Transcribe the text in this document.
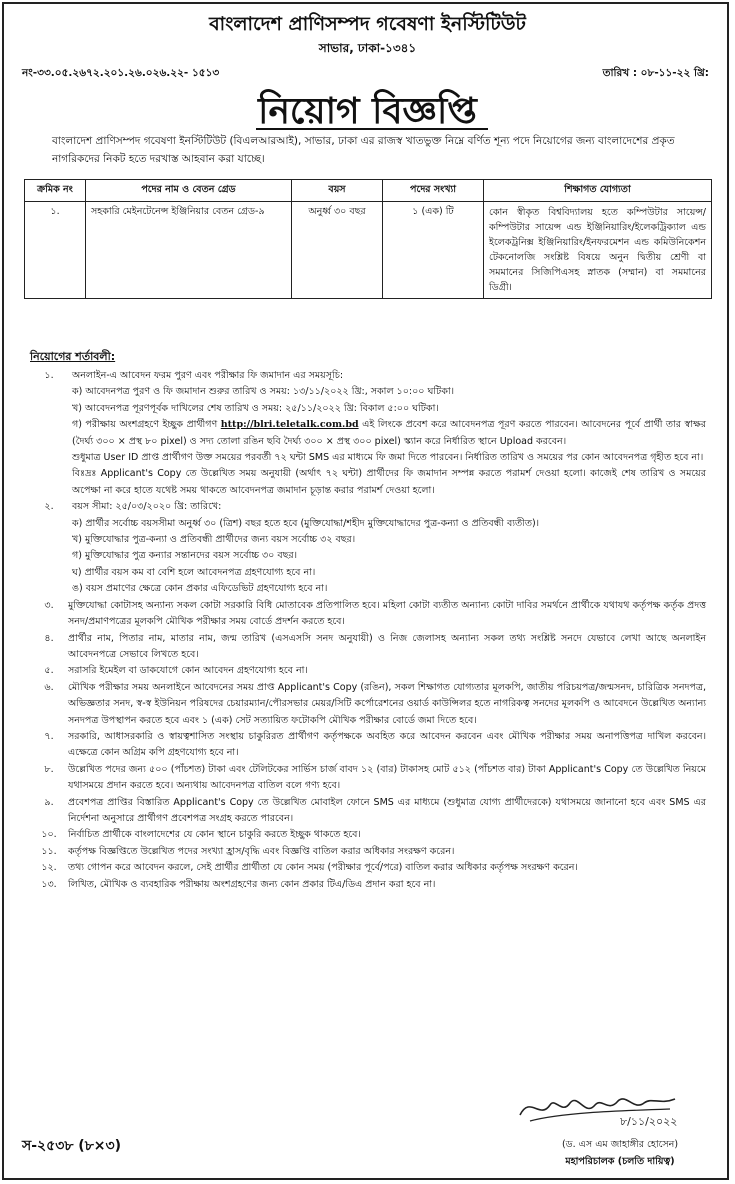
বাংলাদেশ প্রাণিসম্পদ গবেষণা ইনস্টিটিউট
সাভার, ঢাকা-১৩৪১
নং-৩৩.০৫.২৬৭২.২০১.২৬.০২৬.২২- ১৫১৩	তারিখ : ০৮-১১-২২ খ্রি:
নিয়োগ বিজ্ঞপ্তি
বাংলাদেশ প্রাণিসম্পদ গবেষণা ইনস্টিটিউট (বিএলআরআই), সাভার, ঢাকা এর রাজস্ব খাতভুক্ত নিম্নে বর্ণিত শূন্য পদে নিয়োগের জন্য বাংলাদেশের প্রকৃত নাগরিকদের নিকট হতে দরখাস্ত আহবান করা যাচ্ছে।
ক্রমিক নং	পদের নাম ও বেতন গ্রেড	বয়স	পদের সংখ্যা	শিক্ষাগত যোগ্যতা
১.	সহকারি মেইনটেনেন্স ইঞ্জিনিয়ার বেতন গ্রেড-৯	অনুর্ধ্ব ৩০ বছর	১ (এক) টি	কোন স্বীকৃত বিশ্ববিদ্যালয় হতে কম্পিউটার সায়েন্স/কম্পিউটার সায়েন্স এন্ড ইঞ্জিনিয়ারিং/ইলেকট্রিক্যাল এন্ড ইলেকট্রনিক্স ইঞ্জিনিয়ারিং/ইনফরমেশন এন্ড কমিউনিকেশন টেকনোলজি সংশ্লিষ্ট বিষয়ে অনুন দ্বিতীয় শ্রেণী বা সমমানের সিজিপিএসহ স্নাতক (সম্মান) বা সমমানের ডিগ্রী।
নিয়োগের শর্তাবলী:
১.	অনলাইন-এ আবেদন ফরম পুরণ এবং পরীক্ষার ফি জমাদান এর সময়সূচি:
ক) আবেদনপত্র পুরণ ও ফি জমাদান শুরুর তারিখ ও সময়: ১৩/১১/২০২২ খ্রি:, সকাল ১০:০০ ঘটিকা।
খ) আবেদনপত্র পূরণপূর্বক দাখিলের শেষ তারিখ ও সময়: ২৫/১১/২০২২ খ্রি: বিকাল ৫:০০ ঘটিকা।
গ) পরীক্ষায় অংশগ্রহণে ইচ্ছুক প্রার্থীগণ http://blri.teletalk.com.bd এই লিংকে প্রবেশ করে আবেদনপত্র পূরণ করতে পারবেন। আবেদনের পূর্বে প্রার্থী তার স্বাক্ষর (দৈর্ঘ্য ৩০০ × প্রস্থ ৮০ pixel) ও সদ্য তোলা রঙিন ছবি দৈর্ঘ্য ৩০০ × প্রস্থ ৩০০ pixel) স্ক্যান করে নির্ধারিত স্থানে Upload করবেন।
শুধুমাত্র User ID প্রাপ্ত প্রার্থীগণ উক্ত সময়ের পরবর্তী ৭২ ঘন্টা SMS এর মাধ্যমে ফি জমা দিতে পারবেন। নির্ধারিত তারিখ ও সময়ের পর কোন আবেদনপত্র গৃহীত হবে না।
বিঃদ্রঃ Applicant's Copy তে উল্লেখিত সময় অনুযায়ী (অর্থাৎ ৭২ ঘন্টা) প্রার্থীদের ফি জমাদান সম্পন্ন করতে পরামর্শ দেওয়া হলো। কাজেই শেষ তারিখ ও সময়ের অপেক্ষা না করে হাতে যথেষ্ট সময় থাকতে আবেদনপত্র জমাদান চূড়ান্ত করার পরামর্শ দেওয়া হলো।
২.	বয়স সীমা: ২৫/০৩/২০২০ খ্রি: তারিখে:
ক) প্রার্থীর সর্বোচ্চ বয়সসীমা অনুর্ধ্ব ৩০ (ত্রিশ) বছর হতে হবে (মুক্তিযোদ্ধা/শহীদ মুক্তিযোদ্ধাদের পুত্র-কন্যা ও প্রতিবন্ধী ব্যতীত)।
খ) মুক্তিযোদ্ধার পুত্র-কন্যা ও প্রতিবন্ধী প্রার্থীদের জন্য বয়স সর্বোচ্চ ৩২ বছর।
গ) মুক্তিযোদ্ধার পুত্র কন্যার সন্তানদের বয়স সর্বোচ্চ ৩০ বছর।
ঘ) প্রার্থীর বয়স কম বা বেশি হলে আবেদনপত্র গ্রহণযোগ্য হবে না।
ঙ) বয়স প্রমাণের ক্ষেত্রে কোন প্রকার এফিডেভিট গ্রহণযোগ্য হবে না।
৩.	মুক্তিযোদ্ধা কোটাসহ অন্যান্য সকল কোটা সরকারি বিধি মোতাবেক প্রতিপালিত হবে। মহিলা কোটা ব্যতীত অন্যান্য কোটা দাবির সমর্থনে প্রার্থীকে যথাযথ কর্তৃপক্ষ কর্তৃক প্রদত্ত সনদ/প্রমাণপত্রের মূলকপি মৌখিক পরীক্ষার সময় বোর্ডে প্রদর্শন করতে হবে।
৪.	প্রার্থীর নাম, পিতার নাম, মাতার নাম, জন্ম তারিখ (এসএসসি সনদ অনুযায়ী) ও নিজ জেলাসহ অন্যান্য সকল তথ্য সংশ্লিষ্ট সনদে যেভাবে লেখা আছে অনলাইন আবেদনপত্রে সেভাবে লিখতে হবে।
৫.	সরাসরি ইমেইল বা ডাকযোগে কোন আবেদন গ্রহণযোগ্য হবে না।
৬.	মৌখিক পরীক্ষার সময় অনলাইনে আবেদনের সময় প্রাপ্ত Applicant's Copy (রঙিন), সকল শিক্ষাগত যোগ্যতার মূলকপি, জাতীয় পরিচয়পত্র/জন্মসনদ, চারিত্রিক সনদপত্র, অভিজ্ঞতার সনদ, স্ব-স্ব ইউনিয়ন পরিষদের চেয়ারম্যান/পৌরসভার মেয়র/সিটি কর্পোরেশনের ওয়ার্ড কাউন্সিলর হতে নাগরিকত্ব সনদের মূলকপি ও আবেদনে উল্লেখিত অন্যান্য সনদপত্র উপস্থাপন করতে হবে এবং ১ (এক) সেট সত্যায়িত ফটোকপি মৌখিক পরীক্ষার বোর্ডে জমা দিতে হবে।
৭.	সরকারি, আধাসরকারি ও স্বায়ত্বশাসিত সংস্থায় চাকুরিরত প্রার্থীগণ কর্তৃপক্ষকে অবহিত করে আবেদন করবেন এবং মৌখিক পরীক্ষার সময় অনাপত্তিপত্র দাখিল করবেন। এক্ষেত্রে কোন অগ্রিম কপি গ্রহণযোগ্য হবে না।
৮.	উল্লেখিত পদের জন্য ৫০০ (পাঁচশত) টাকা এবং টেলিটকের সার্ভিস চার্জ বাবদ ১২ (বার) টাকাসহ মোট ৫১২ (পাঁচশত বার) টাকা Applicant's Copy তে উল্লেখিত নিয়মে যথাসময়ে প্রদান করতে হবে। অন্যথায় আবেদনপত্র বাতিল বলে গণ্য হবে।
৯.	প্রবেশপত্র প্রাপ্তির বিস্তারিত Applicant's Copy তে উল্লেখিত মোবাইল ফোনে SMS এর মাধ্যমে (শুধুমাত্র যোগ্য প্রার্থীদেরকে) যথাসময়ে জানানো হবে এবং SMS এর নির্দেশনা অনুসারে প্রার্থীগণ প্রবেশপত্র সংগ্রহ করতে পারবেন।
১০.	নির্বাচিত প্রার্থীকে বাংলাদেশের যে কোন স্থানে চাকুরি করতে ইচ্ছুক থাকতে হবে।
১১.	কর্তৃপক্ষ বিজ্ঞপ্তিতে উল্লেখিত পদের সংখ্যা হ্রাস/বৃদ্ধি এবং বিজ্ঞপ্তি বাতিল করার অধিকার সংরক্ষণ করেন।
১২.	তথ্য গোপন করে আবেদন করলে, সেই প্রার্থীর প্রার্থীতা যে কোন সময় (পরীক্ষার পূর্বে/পরে) বাতিল করার অধিকার কর্তৃপক্ষ সংরক্ষণ করেন।
১৩.	লিখিত, মৌখিক ও ব্যবহারিক পরীক্ষায় অংশগ্রহণের জন্য কোন প্রকার টিএ/ডিএ প্রদান করা হবে না।
৮/১১/২০২২
স-২৫৩৮ (৮×৩)	(ড. এস এম জাহাঙ্গীর হোসেন)
মহাপরিচালক (চলতি দায়িত্ব)
